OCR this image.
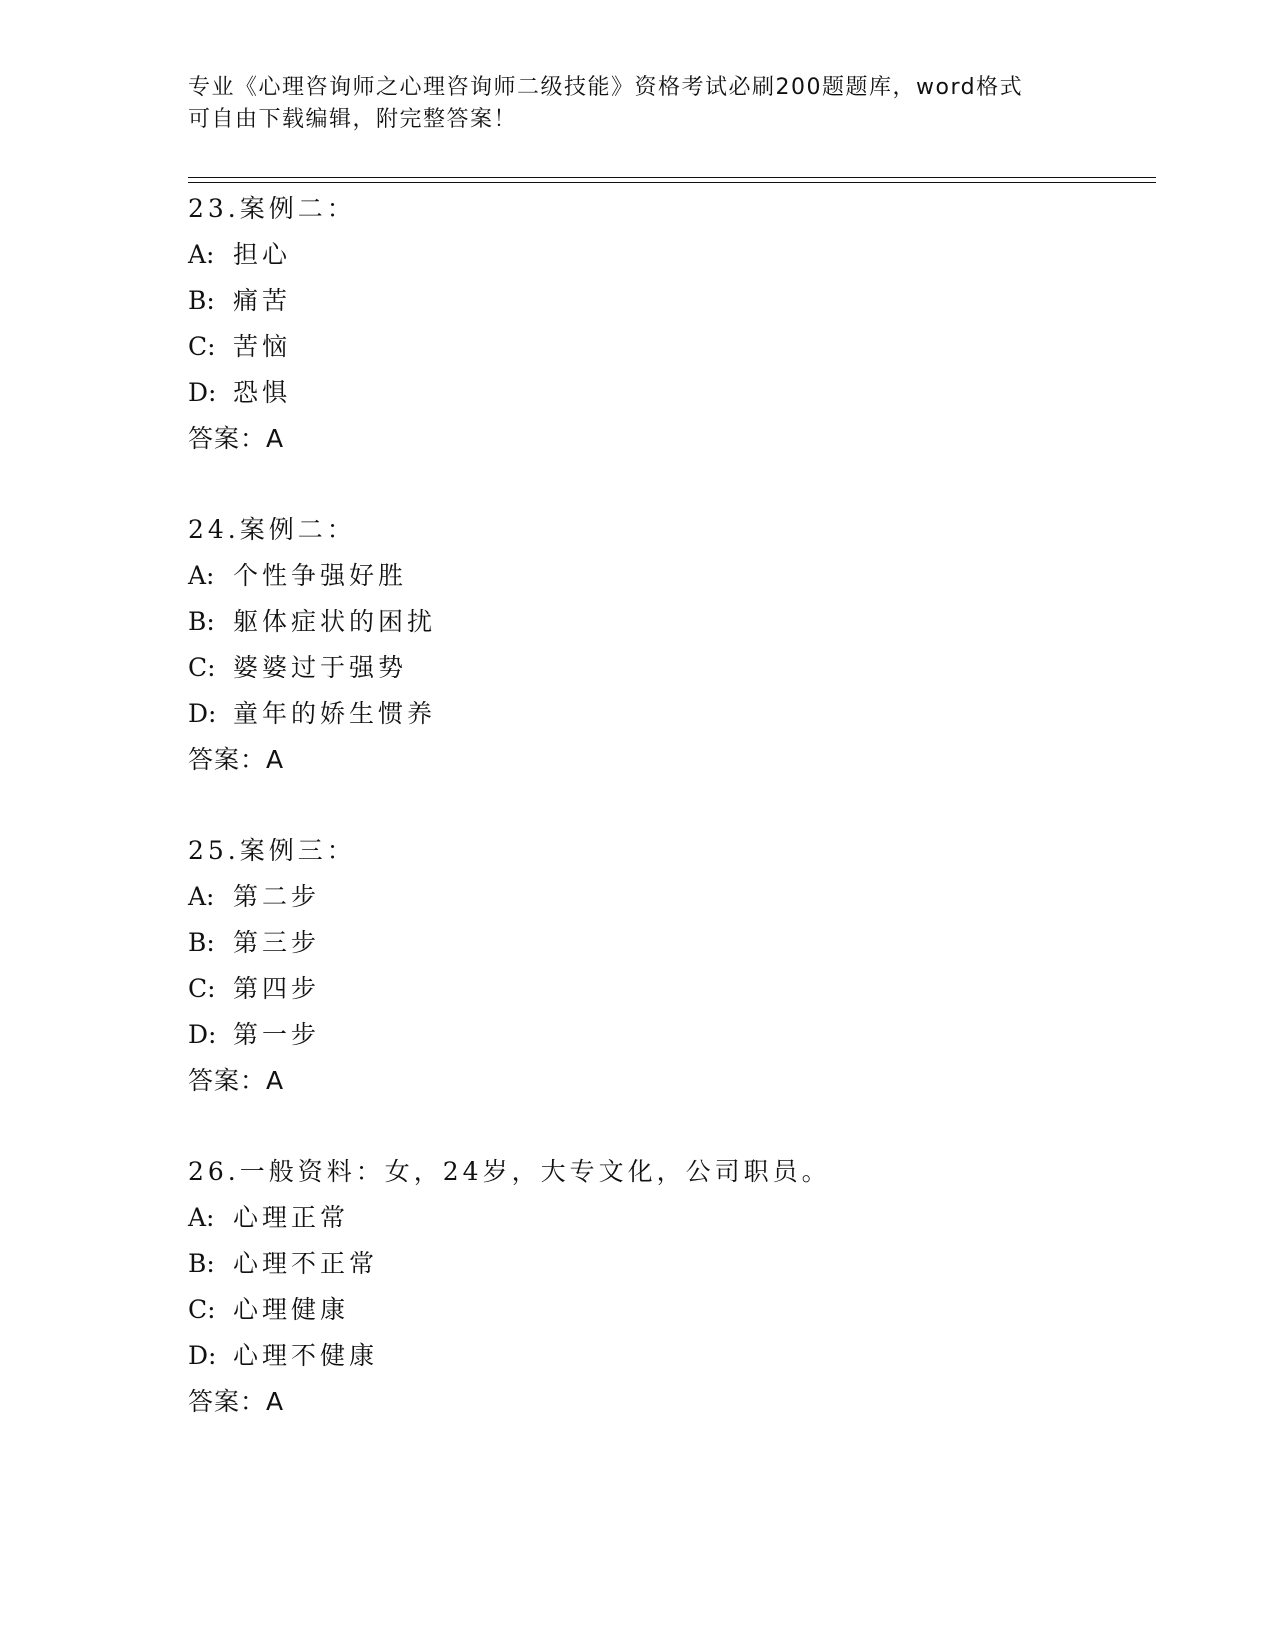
专业《心理咨询师之心理咨询师二级技能》资格考试必刷200题题库，word格式
可自由下载编辑，附完整答案！
23.案例二：
A: 担心
B: 痛苦
C: 苦恼
D: 恐惧
答案：A
24.案例二：
A: 个性争强好胜
B: 躯体症状的困扰
C: 婆婆过于强势
D: 童年的娇生惯养
答案：A
25.案例三：
A: 第二步
B: 第三步
C: 第四步
D: 第一步
答案：A
26.一般资料：女，24岁，大专文化，公司职员。
A: 心理正常
B: 心理不正常
C: 心理健康
D: 心理不健康
答案：A
